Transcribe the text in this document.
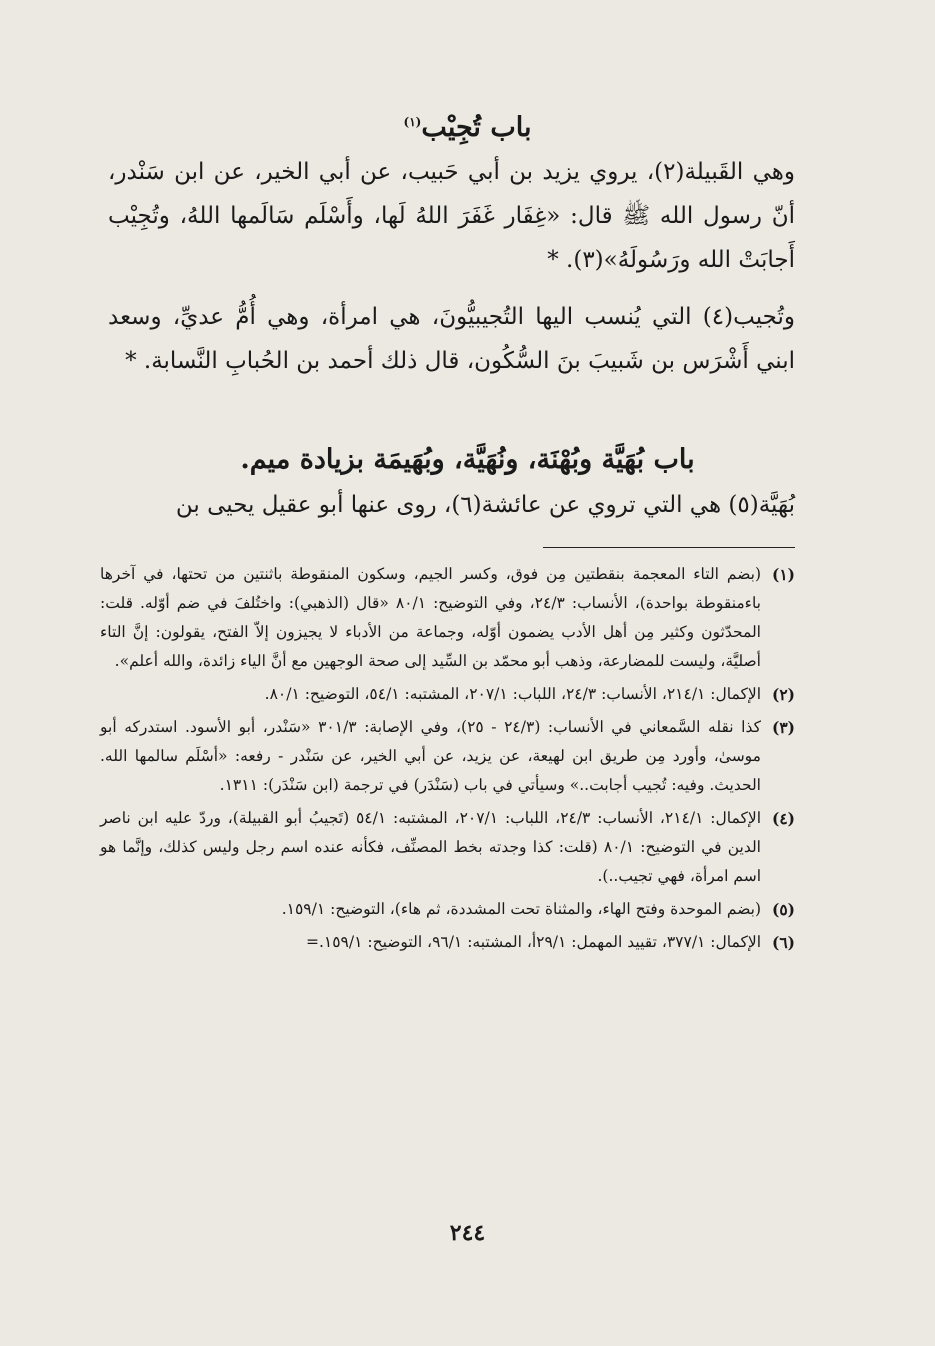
باب تُجِيْب$^{(١)}$
وهي القَبيلة(٢)، يروي يزيد بن أبي حَبيب، عن أبي الخير، عن ابن سَنْدر، أنّ رسول الله ﷺ قال: «غِفَار غَفَرَ اللهُ لَها، وأَسْلَم سَالَمها اللهُ، وتُجِيْب أَجابَتْ الله ورَسُولَهُ»(٣). *
وتُجيب(٤) التي يُنسب اليها التُجيبيُّونَ، هي امرأة، وهي أُمُّ عديِّ، وسعد ابني أَشْرَس بن شَبيبَ بنَ السُّكُون، قال ذلك أحمد بن الحُبابِ النَّسابة. *
باب بُهَيَّة وبُهْنَة، ونُهَيَّة، وبُهَيمَة بزيادة ميم.
بُهَيَّة(٥) هي التي تروي عن عائشة(٦)، روى عنها أبو عقيل يحيى بن
(١)
(بضم التاء المعجمة بنقطتين مِن فوق، وكسر الجيم، وسكون المنقوطة باثنتين من تحتها، في آخرها باءمنقوطة بواحدة)، الأنساب: ٢٤/٣، وفي التوضيح: ٨٠/١ «قال (الذهبي): واختُلفَ في ضم أوّله. قلت: المحدّثون وكثير مِن أهل الأدب يضمون أوّله، وجماعة من الأدباء لا يجيزون إلاّ الفتح، يقولون: إنَّ التاء أصليَّة، وليست للمضارعة، وذهب أبو محمّد بن السِّيد إلى صحة الوجهين مع أنَّ الياء زائدة، والله أعلم».
(٢)
الإكمال: ٢١٤/١، الأنساب: ٢٤/٣، اللباب: ٢٠٧/١، المشتبه: ٥٤/١، التوضيح: ٨٠/١.
(٣)
كذا نقله السَّمعاني في الأنساب: (٢٤/٣ - ٢٥)، وفي الإصابة: ٣٠١/٣ «سَنْدر، أبو الأسود. استدركه أبو موسىٰ، وأورد مِن طريق ابن لهيعة، عن يزيد، عن أبي الخير، عن سَنْدر - رفعه: «أسْلَم سالمها الله. الحديث. وفيه: تُجيب أجابت..» وسيأتي في باب (سَنْدَر) في ترجمة (ابن سَنْدَر): ١٣١١.
(٤)
الإكمال: ٢١٤/١، الأنساب: ٢٤/٣، اللباب: ٢٠٧/١، المشتبه: ٥٤/١ (تَجيبُ أبو القبيلة)، وردّ عليه ابن ناصر الدين في التوضيح: ٨٠/١ (قلت: كذا وجدته بخط المصنِّف، فكأنه عنده اسم رجل وليس كذلك، وإنَّما هو اسم امرأة، فهي تجيب..).
(٥)
(بضم الموحدة وفتح الهاء، والمثناة تحت المشددة، ثم هاء)، التوضيح: ١٥٩/١.
(٦)
الإكمال: ٣٧٧/١، تقييد المهمل: ٢٩/١أ، المشتبه: ٩٦/١، التوضيح: ١٥٩/١.=
٢٤٤
